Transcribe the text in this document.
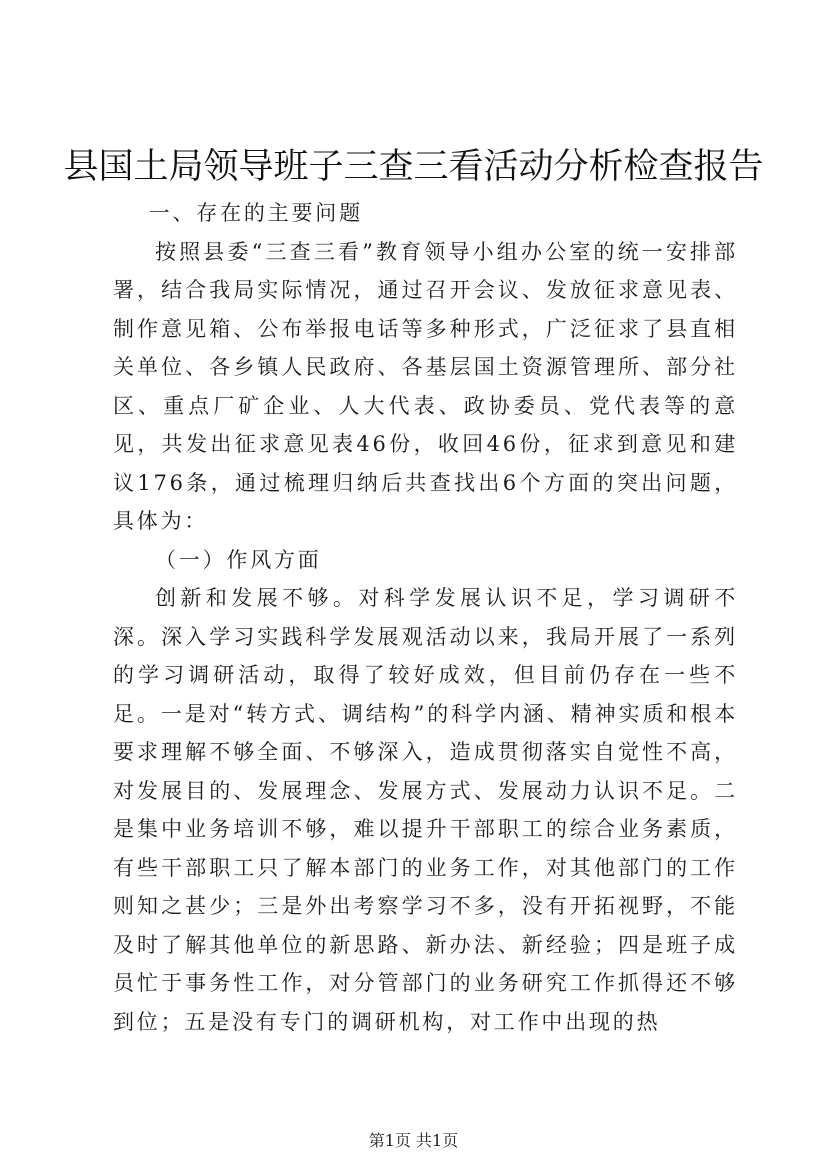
县国土局领导班子三查三看活动分析检查报告

一、存在的主要问题

按照县委“三查三看”教育领导小组办公室的统一安排部署，结合我局实际情况，通过召开会议、发放征求意见表、制作意见箱、公布举报电话等多种形式，广泛征求了县直相关单位、各乡镇人民政府、各基层国土资源管理所、部分社区、重点厂矿企业、人大代表、政协委员、党代表等的意见，共发出征求意见表46份，收回46份，征求到意见和建议176条，通过梳理归纳后共查找出6个方面的突出问题，具体为：

（一）作风方面

创新和发展不够。对科学发展认识不足，学习调研不深。深入学习实践科学发展观活动以来，我局开展了一系列的学习调研活动，取得了较好成效，但目前仍存在一些不足。一是对“转方式、调结构”的科学内涵、精神实质和根本要求理解不够全面、不够深入，造成贯彻落实自觉性不高，对发展目的、发展理念、发展方式、发展动力认识不足。二是集中业务培训不够，难以提升干部职工的综合业务素质，有些干部职工只了解本部门的业务工作，对其他部门的工作则知之甚少；三是外出考察学习不多，没有开拓视野，不能及时了解其他单位的新思路、新办法、新经验；四是班子成员忙于事务性工作，对分管部门的业务研究工作抓得还不够到位；五是没有专门的调研机构，对工作中出现的热

第1页 共1页
